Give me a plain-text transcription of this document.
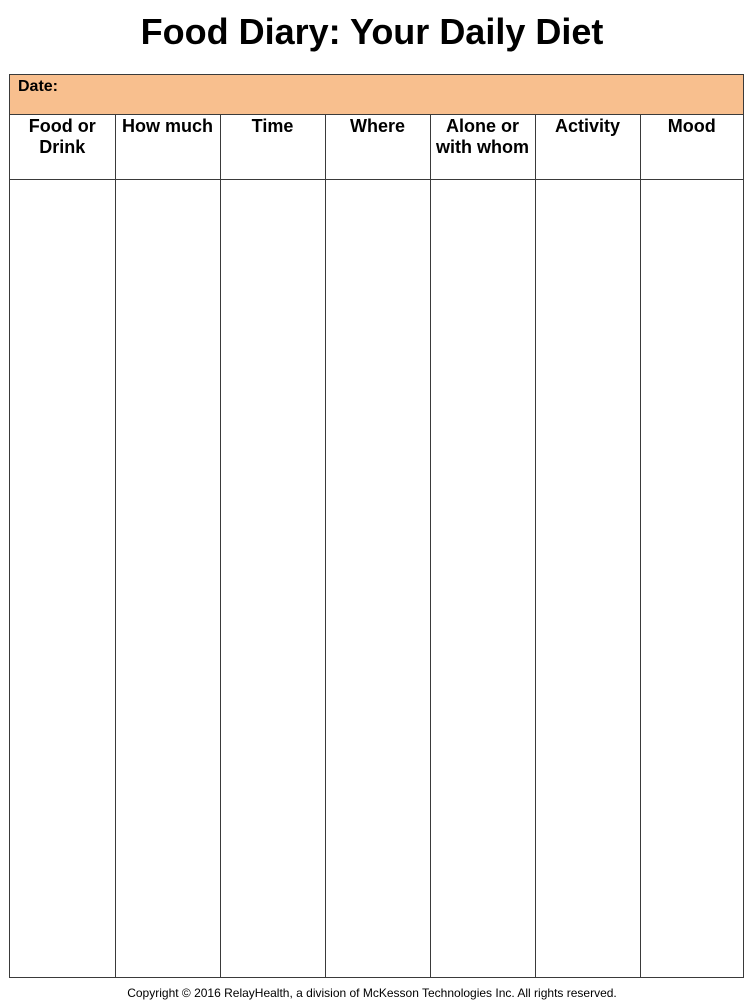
Food Diary: Your Daily Diet
Date:
Food or Drink	How much	Time	Where	Alone or with whom	Activity	Mood

Copyright © 2016 RelayHealth, a division of McKesson Technologies Inc. All rights reserved.
